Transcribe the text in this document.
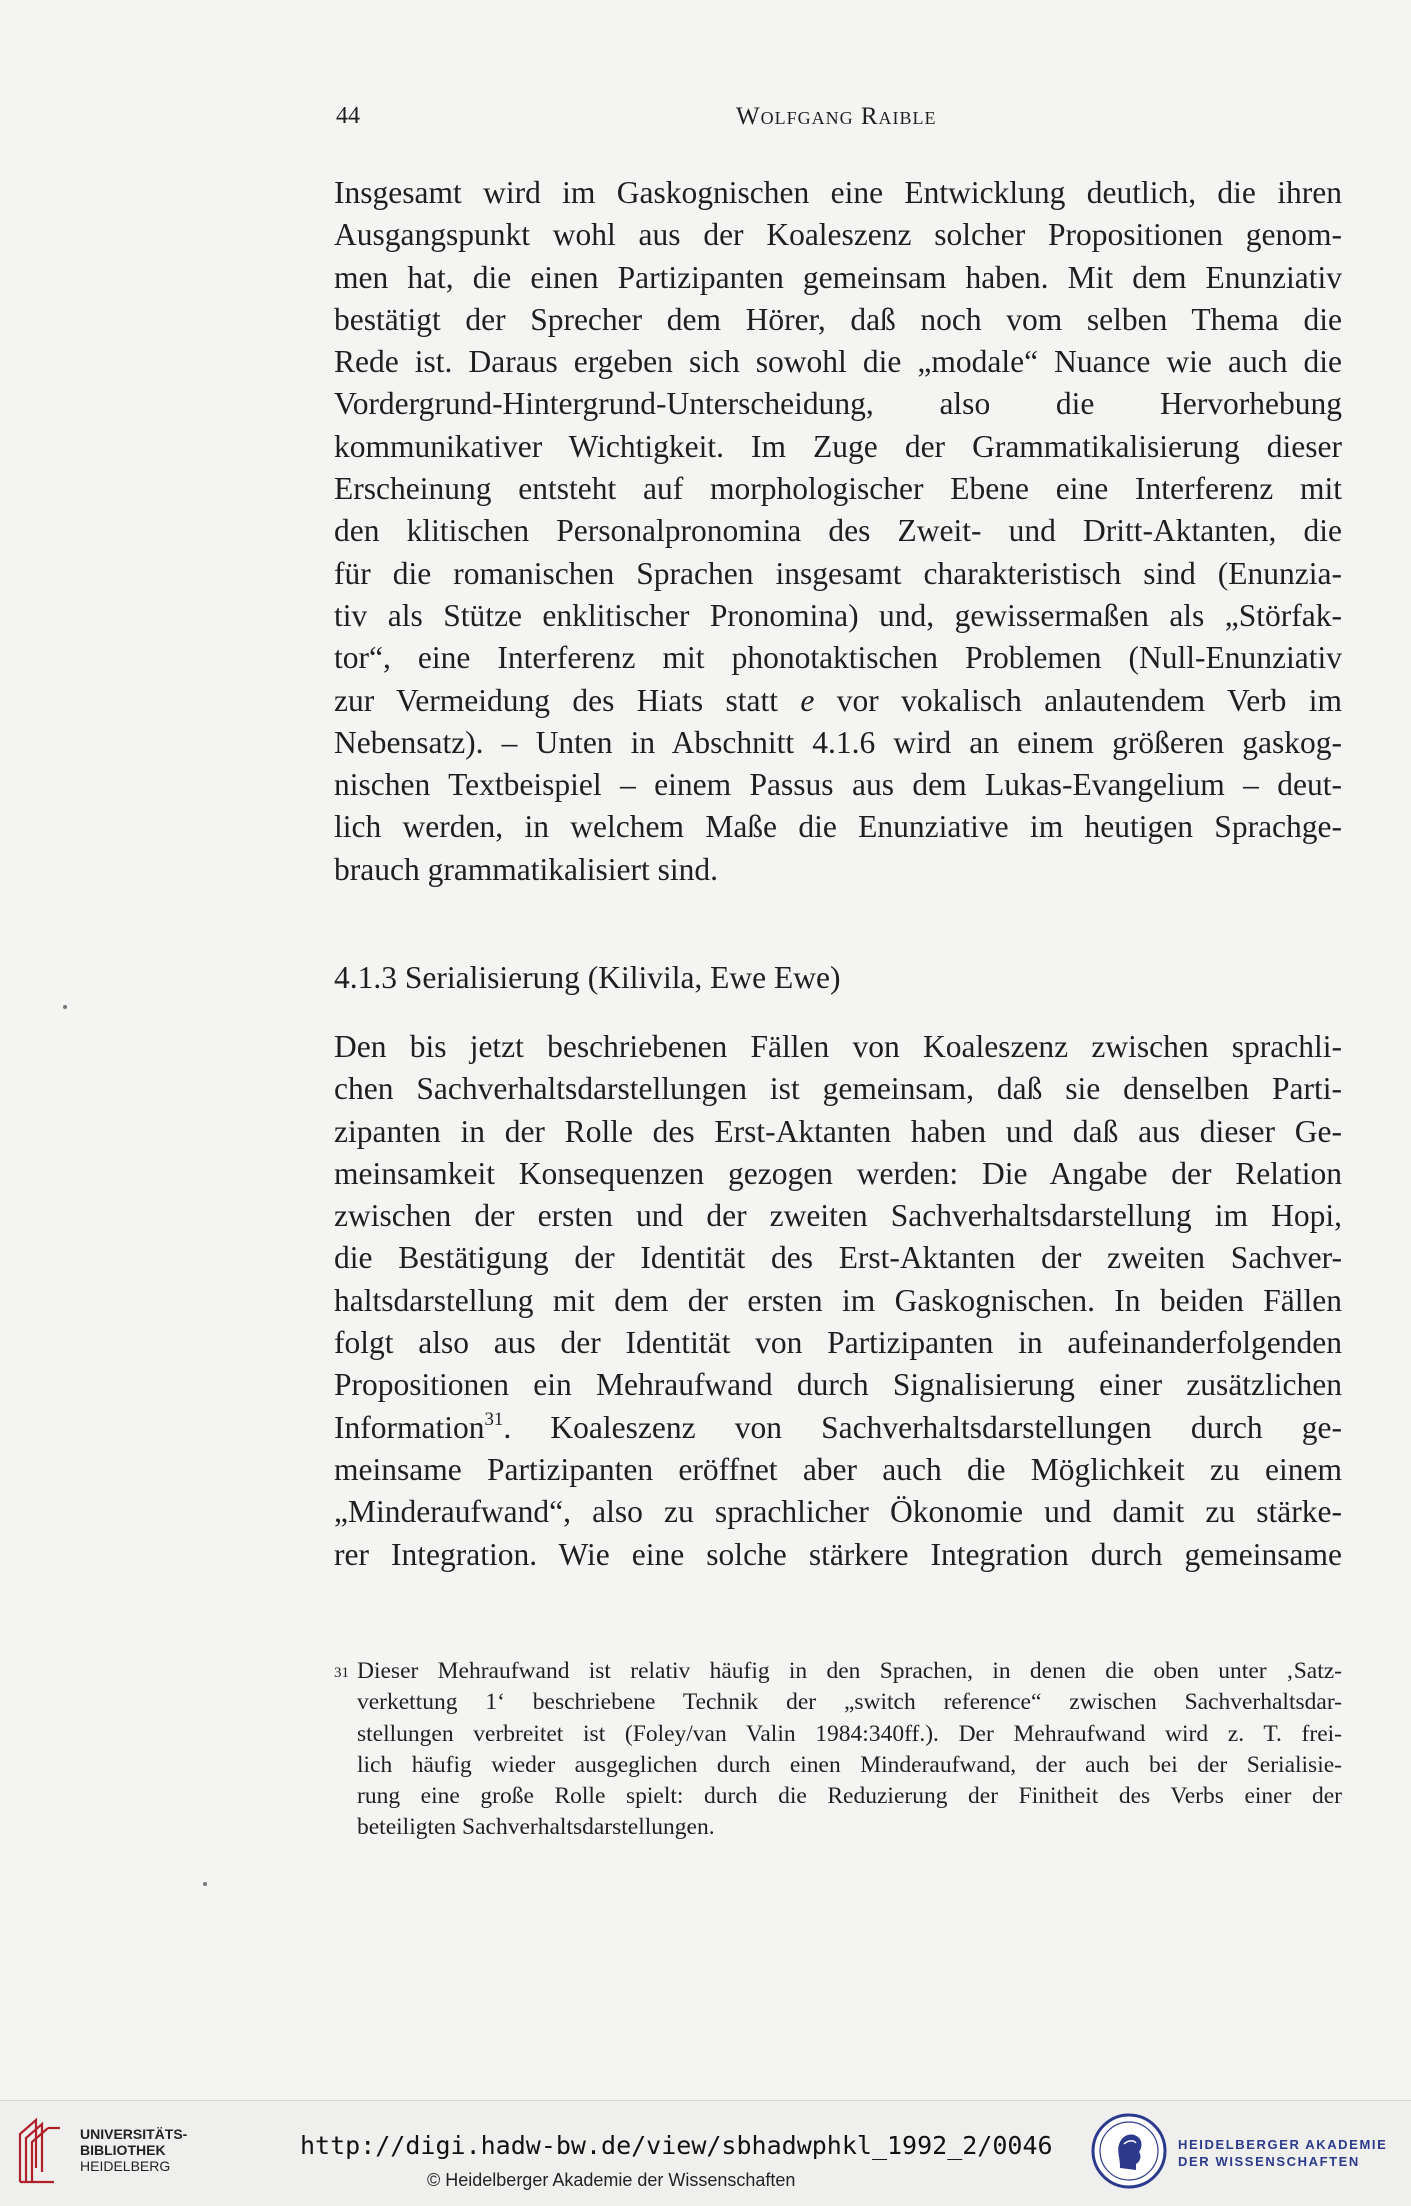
44	Wolfgang Raible
Insgesamt wird im Gaskognischen eine Entwicklung deutlich, die ihren
Ausgangspunkt wohl aus der Koaleszenz solcher Propositionen genom-
men hat, die einen Partizipanten gemeinsam haben. Mit dem Enunziativ
bestätigt der Sprecher dem Hörer, daß noch vom selben Thema die
Rede ist. Daraus ergeben sich sowohl die „modale“ Nuance wie auch die
Vordergrund-Hintergrund-Unterscheidung, also die Hervorhebung
kommunikativer Wichtigkeit. Im Zuge der Grammatikalisierung dieser
Erscheinung entsteht auf morphologischer Ebene eine Interferenz mit
den klitischen Personalpronomina des Zweit- und Dritt-Aktanten, die
für die romanischen Sprachen insgesamt charakteristisch sind (Enunzia-
tiv als Stütze enklitischer Pronomina) und, gewissermaßen als „Störfak-
tor“, eine Interferenz mit phonotaktischen Problemen (Null-Enunziativ
zur Vermeidung des Hiats statt e vor vokalisch anlautendem Verb im
Nebensatz). – Unten in Abschnitt 4.1.6 wird an einem größeren gaskog-
nischen Textbeispiel – einem Passus aus dem Lukas-Evangelium – deut-
lich werden, in welchem Maße die Enunziative im heutigen Sprachge-
brauch grammatikalisiert sind.
4.1.3 Serialisierung (Kilivila, Ewe Ewe)
Den bis jetzt beschriebenen Fällen von Koaleszenz zwischen sprachli-
chen Sachverhaltsdarstellungen ist gemeinsam, daß sie denselben Parti-
zipanten in der Rolle des Erst-Aktanten haben und daß aus dieser Ge-
meinsamkeit Konsequenzen gezogen werden: Die Angabe der Relation
zwischen der ersten und der zweiten Sachverhaltsdarstellung im Hopi,
die Bestätigung der Identität des Erst-Aktanten der zweiten Sachver-
haltsdarstellung mit dem der ersten im Gaskognischen. In beiden Fällen
folgt also aus der Identität von Partizipanten in aufeinanderfolgenden
Propositionen ein Mehraufwand durch Signalisierung einer zusätzlichen
Information$^{31}$. Koaleszenz von Sachverhaltsdarstellungen durch ge-
meinsame Partizipanten eröffnet aber auch die Möglichkeit zu einem
„Minderaufwand“, also zu sprachlicher Ökonomie und damit zu stärke-
rer Integration. Wie eine solche stärkere Integration durch gemeinsame
31 Dieser Mehraufwand ist relativ häufig in den Sprachen, in denen die oben unter ‚Satz-
verkettung 1‘ beschriebene Technik der „switch reference“ zwischen Sachverhaltsdar-
stellungen verbreitet ist (Foley/van Valin 1984:340ff.). Der Mehraufwand wird z. T. frei-
lich häufig wieder ausgeglichen durch einen Minderaufwand, der auch bei der Serialisie-
rung eine große Rolle spielt: durch die Reduzierung der Finitheit des Verbs einer der
beteiligten Sachverhaltsdarstellungen.
UNIVERSITÄTS-
BIBLIOTHEK
HEIDELBERG
http://digi.hadw-bw.de/view/sbhadwphkl_1992_2/0046
© Heidelberger Akademie der Wissenschaften
HEIDELBERGER AKADEMIE
DER WISSENSCHAFTEN
